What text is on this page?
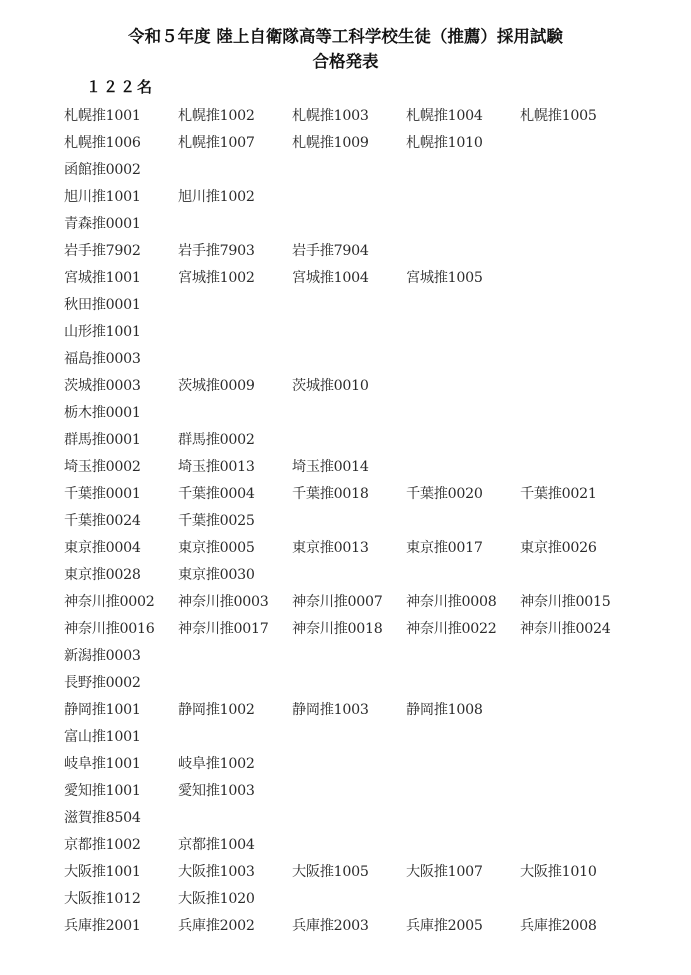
令和５年度 陸上自衛隊高等工科学校生徒（推薦）採用試験
合格発表
１２２名
札幌推1001	札幌推1002	札幌推1003	札幌推1004	札幌推1005
札幌推1006	札幌推1007	札幌推1009	札幌推1010
函館推0002
旭川推1001	旭川推1002
青森推0001
岩手推7902	岩手推7903	岩手推7904
宮城推1001	宮城推1002	宮城推1004	宮城推1005
秋田推0001
山形推1001
福島推0003
茨城推0003	茨城推0009	茨城推0010
栃木推0001
群馬推0001	群馬推0002
埼玉推0002	埼玉推0013	埼玉推0014
千葉推0001	千葉推0004	千葉推0018	千葉推0020	千葉推0021
千葉推0024	千葉推0025
東京推0004	東京推0005	東京推0013	東京推0017	東京推0026
東京推0028	東京推0030
神奈川推0002	神奈川推0003	神奈川推0007	神奈川推0008	神奈川推0015
神奈川推0016	神奈川推0017	神奈川推0018	神奈川推0022	神奈川推0024
新潟推0003
長野推0002
静岡推1001	静岡推1002	静岡推1003	静岡推1008
富山推1001
岐阜推1001	岐阜推1002
愛知推1001	愛知推1003
滋賀推8504
京都推1002	京都推1004
大阪推1001	大阪推1003	大阪推1005	大阪推1007	大阪推1010
大阪推1012	大阪推1020
兵庫推2001	兵庫推2002	兵庫推2003	兵庫推2005	兵庫推2008
